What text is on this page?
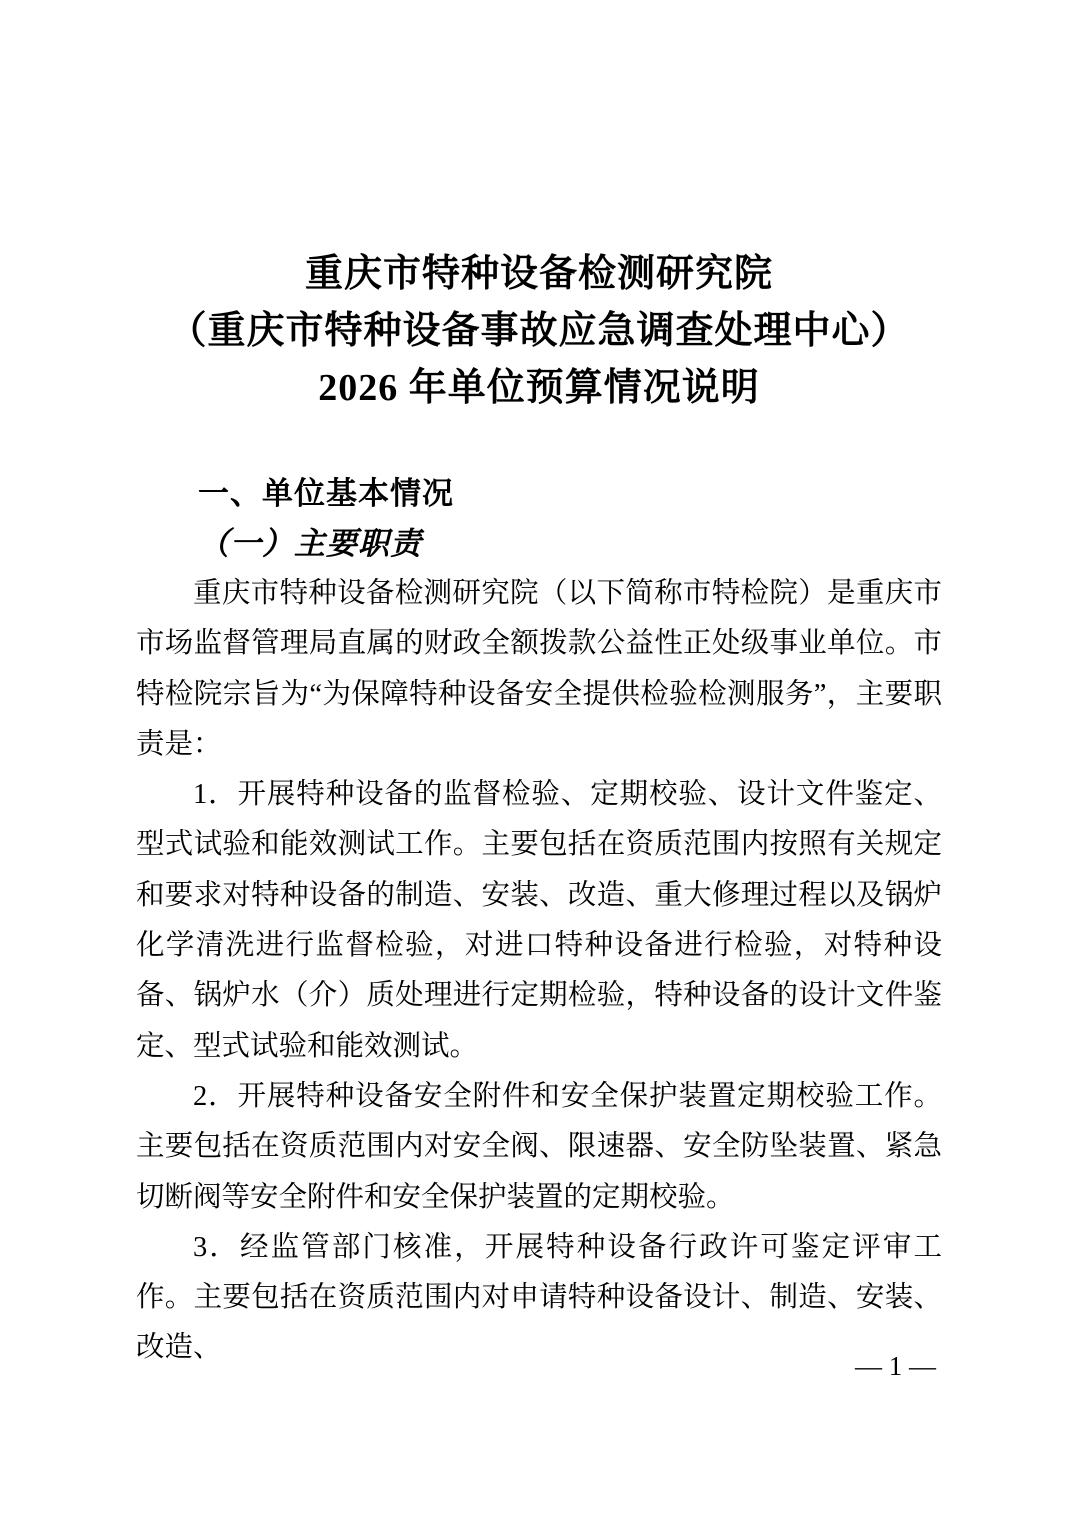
重庆市特种设备检测研究院
（重庆市特种设备事故应急调查处理中心）
2026 年单位预算情况说明
一、单位基本情况
（一）主要职责

重庆市特种设备检测研究院（以下简称市特检院）是重庆市市场监督管理局直属的财政全额拨款公益性正处级事业单位。市特检院宗旨为“为保障特种设备安全提供检验检测服务”，主要职责是：

1．开展特种设备的监督检验、定期校验、设计文件鉴定、型式试验和能效测试工作。主要包括在资质范围内按照有关规定和要求对特种设备的制造、安装、改造、重大修理过程以及锅炉化学清洗进行监督检验，对进口特种设备进行检验，对特种设备、锅炉水（介）质处理进行定期检验，特种设备的设计文件鉴定、型式试验和能效测试。

2．开展特种设备安全附件和安全保护装置定期校验工作。主要包括在资质范围内对安全阀、限速器、安全防坠装置、紧急切断阀等安全附件和安全保护装置的定期校验。

3．经监管部门核准，开展特种设备行政许可鉴定评审工作。主要包括在资质范围内对申请特种设备设计、制造、安装、改造、

— 1 —
